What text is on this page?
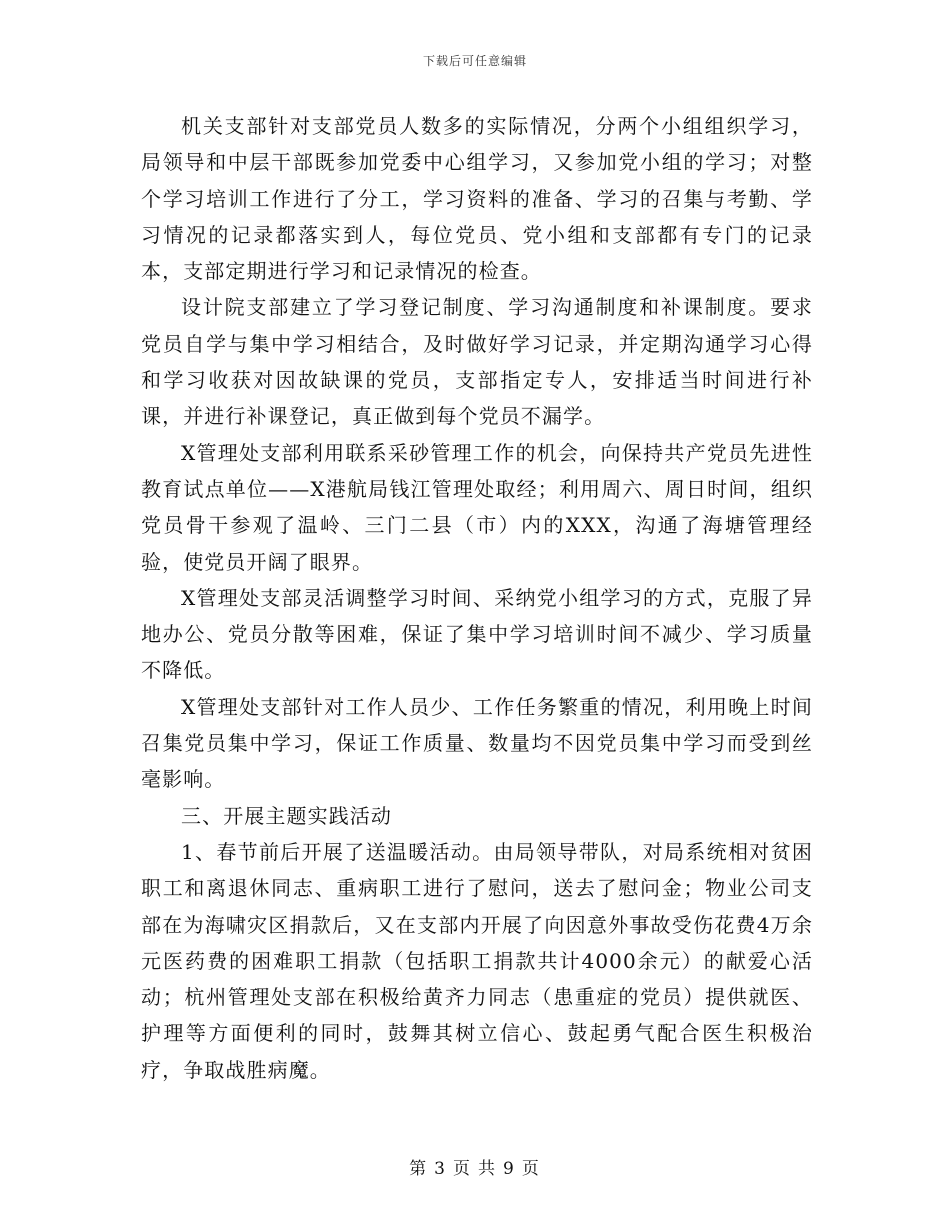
下载后可任意编辑

机关支部针对支部党员人数多的实际情况，分两个小组组织学习，局领导和中层干部既参加党委中心组学习，又参加党小组的学习；对整个学习培训工作进行了分工，学习资料的准备、学习的召集与考勤、学习情况的记录都落实到人，每位党员、党小组和支部都有专门的记录本，支部定期进行学习和记录情况的检查。

设计院支部建立了学习登记制度、学习沟通制度和补课制度。要求党员自学与集中学习相结合，及时做好学习记录，并定期沟通学习心得和学习收获对因故缺课的党员，支部指定专人，安排适当时间进行补课，并进行补课登记，真正做到每个党员不漏学。

X管理处支部利用联系采砂管理工作的机会，向保持共产党员先进性教育试点单位——X港航局钱江管理处取经；利用周六、周日时间，组织党员骨干参观了温岭、三门二县（市）内的XXX，沟通了海塘管理经验，使党员开阔了眼界。

X管理处支部灵活调整学习时间、采纳党小组学习的方式，克服了异地办公、党员分散等困难，保证了集中学习培训时间不减少、学习质量不降低。

X管理处支部针对工作人员少、工作任务繁重的情况，利用晚上时间召集党员集中学习，保证工作质量、数量均不因党员集中学习而受到丝毫影响。

三、开展主题实践活动

1、春节前后开展了送温暖活动。由局领导带队，对局系统相对贫困职工和离退休同志、重病职工进行了慰问，送去了慰问金；物业公司支部在为海啸灾区捐款后，又在支部内开展了向因意外事故受伤花费4万余元医药费的困难职工捐款（包括职工捐款共计4000余元）的献爱心活动；杭州管理处支部在积极给黄齐力同志（患重症的党员）提供就医、护理等方面便利的同时，鼓舞其树立信心、鼓起勇气配合医生积极治疗，争取战胜病魔。

第 3 页 共 9 页
